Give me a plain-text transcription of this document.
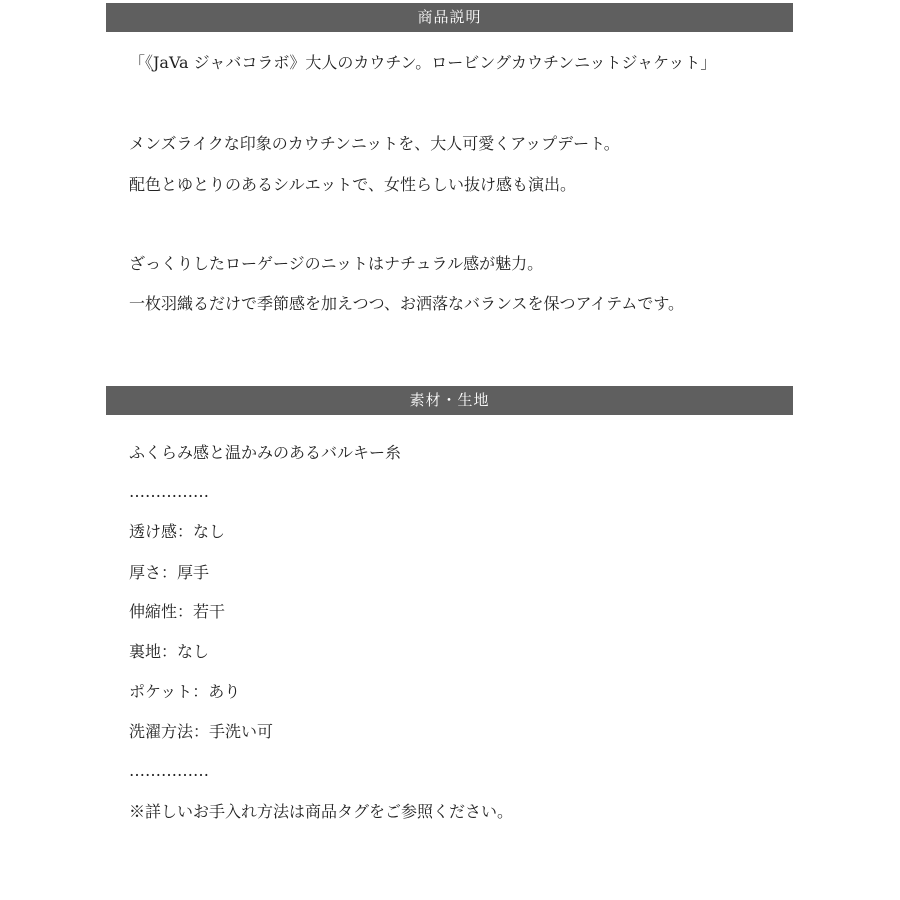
商品説明
「《JaVa ジャバコラボ》大人のカウチン。ロービングカウチンニットジャケット」
メンズライクな印象のカウチンニットを、大人可愛くアップデート。
配色とゆとりのあるシルエットで、女性らしい抜け感も演出。
ざっくりしたローゲージのニットはナチュラル感が魅力。
一枚羽織るだけで季節感を加えつつ、お洒落なバランスを保つアイテムです。
素材・生地
ふくらみ感と温かみのあるバルキー糸
……………
透け感：なし
厚さ：厚手
伸縮性：若干
裏地：なし
ポケット：あり
洗濯方法：手洗い可
……………
※詳しいお手入れ方法は商品タグをご参照ください。
